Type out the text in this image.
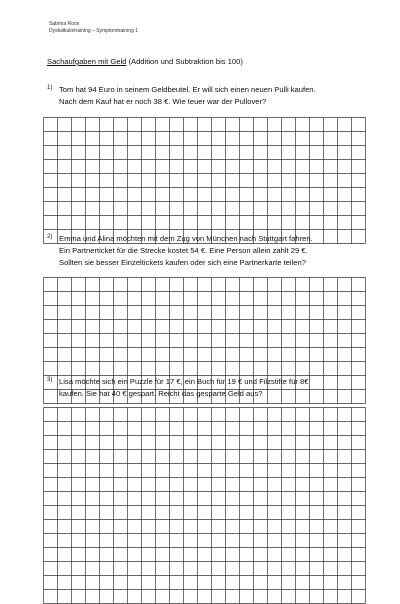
Sabrina Roos
Dyskalkulietraining – Symptomtraining 1
Sachaufgaben mit Geld (Addition und Subtraktion bis 100)
1) Tom hat 94 Euro in seinem Geldbeutel. Er will sich einen neuen Pulli kaufen.
Nach dem Kauf hat er noch 38 €. Wie teuer war der Pullover?
2) Emma und Alina möchten mit dem Zug von München nach Stuttgart fahren.
Ein Partnerticket für die Strecke kostet 54 €. Eine Person allein zahlt 29 €.
Sollten sie besser Einzeltickets kaufen oder sich eine Partnerkarte teilen?
3) Lisa möchte sich ein Puzzle für 17 €, ein Buch für 19 € und Filzstifte für 8€
kaufen. Sie hat 40 € gespart. Reicht das gesparte Geld aus?
